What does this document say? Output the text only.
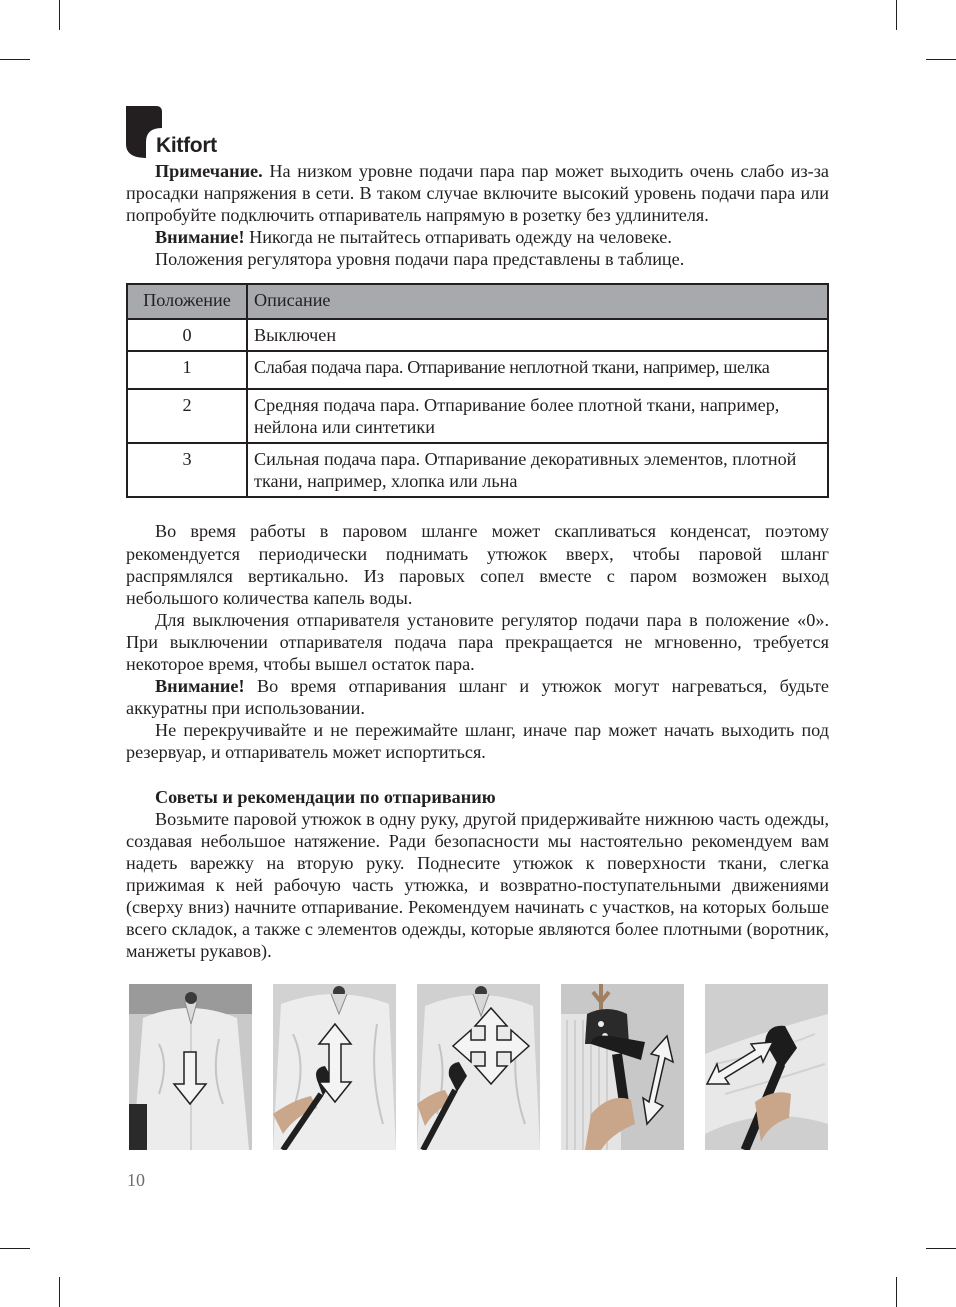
Kitfort

Примечание. На низком уровне подачи пара пар может выходить очень слабо из-за просадки напряжения в сети. В таком случае включите высокий уровень подачи пара или попробуйте подключить отпариватель напрямую в розетку без удлинителя.

Внимание! Никогда не пытайтесь отпаривать одежду на человеке.

Положения регулятора уровня подачи пара представлены в таблице.

Положение	Описание
0	Выключен
1	Слабая подача пара. Отпаривание неплотной ткани, например, шелка
2	Средняя подача пара. Отпаривание более плотной ткани, например, нейлона или синтетики
3	Сильная подача пара. Отпаривание декоративных элементов, плотной ткани, например, хлопка или льна

Во время работы в паровом шланге может скапливаться конденсат, поэтому рекомендуется периодически поднимать утюжок вверх, чтобы паровой шланг распрямлялся вертикально. Из паровых сопел вместе с паром возможен выход небольшого количества капель воды.

Для выключения отпаривателя установите регулятор подачи пара в положение «0». При выключении отпаривателя подача пара прекращается не мгновенно, требуется некоторое время, чтобы вышел остаток пара.

Внимание! Во время отпаривания шланг и утюжок могут нагреваться, будьте аккуратны при использовании.

Не перекручивайте и не пережимайте шланг, иначе пар может начать выходить под резервуар, и отпариватель может испортиться.

Советы и рекомендации по отпариванию

Возьмите паровой утюжок в одну руку, другой придерживайте нижнюю часть одежды, создавая небольшое натяжение. Ради безопасности мы настоятельно рекомендуем вам надеть варежку на вторую руку. Поднесите утюжок к поверхности ткани, слегка прижимая к ней рабочую часть утюжка, и возвратно-поступательными движениями (сверху вниз) начните отпаривание. Рекомендуем начинать с участков, на которых больше всего складок, а также с элементов одежды, которые являются более плотными (воротник, манжеты рукавов).

10
